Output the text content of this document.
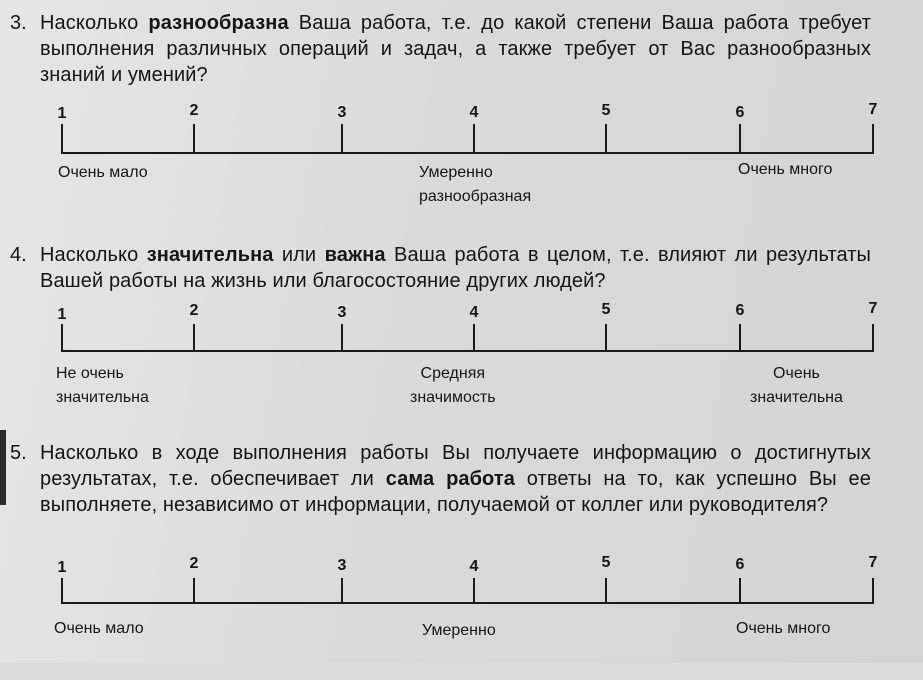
3. Насколько разнообразна Ваша работа, т.е. до какой степени Ваша работа требует выполнения различных операций и задач, а также требует от Вас разнообразных знаний и умений?
1	2	3	4	5	6	7
Очень мало	Умеренно
разнообразная
Очень много
4. Насколько значительна или важна Ваша работа в целом, т.е. влияют ли результаты Вашей работы на жизнь или благосостояние других людей?
1	2	3	4	5	6	7
Не очень
значительна
Средняя
значимость
Очень
значительна
5. Насколько в ходе выполнения работы Вы получаете информацию о достигнутых результатах, т.е. обеспечивает ли сама работа ответы на то, как успешно Вы ее выполняете, независимо от информации, получаемой от коллег или руководителя?
1	2	3	4	5	6	7
Очень мало	Умеренно	Очень много
